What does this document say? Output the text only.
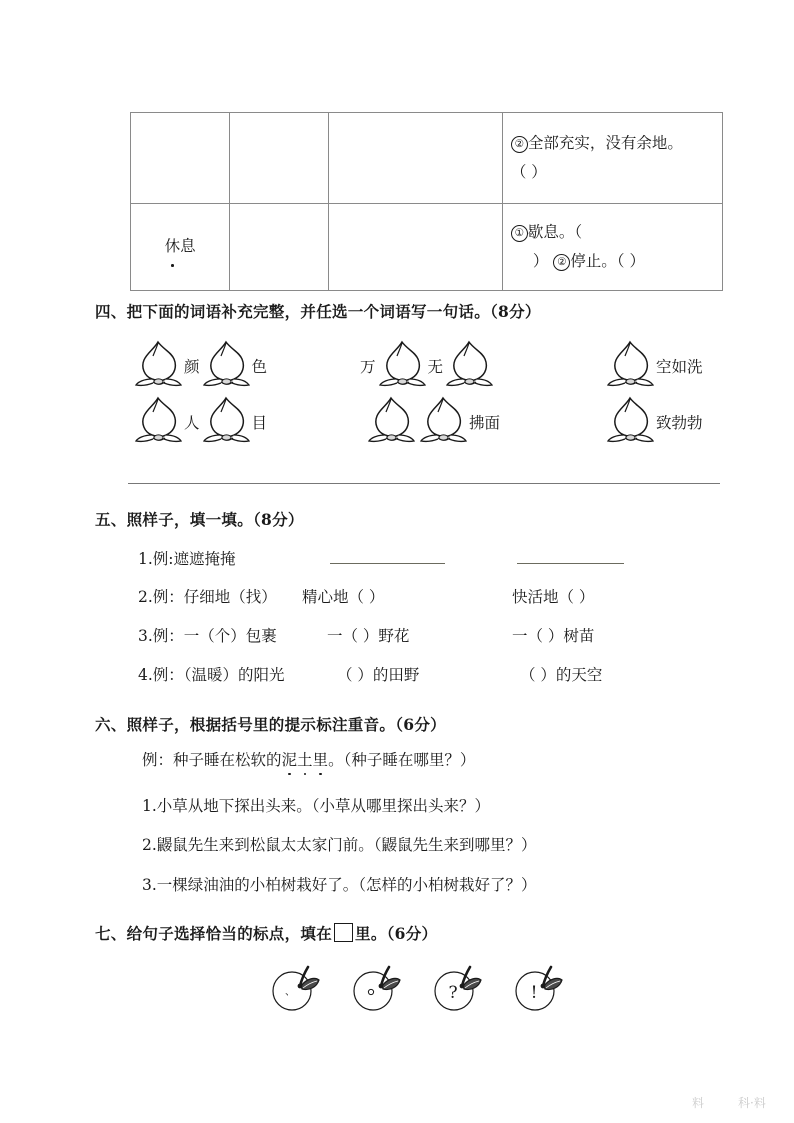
			② 全部充实，没有余地。
（ ）

休息			① 歇息。（
） ② 停止。（ ）
四、把下面的词语补充完整，并任选一个词语写一句话。（8分）
颜	色	万	无	空如洗
人	目	拂面	致勃勃
五、照样子，填一填。（8分）
1.例:遮遮掩掩
2.例：仔细地（找） 精心地（ ）	快活地（ ）
3.例：一（个）包裹	一（ ）野花	一（ ）树苗
4.例：（温暖）的阳光	（ ）的田野	（ ）的天空
六、照样子，根据括号里的提示标注重音。（6分）
例：种子睡在松软的泥土里。（种子睡在哪里？）
1.小草从地下探出头来。（小草从哪里探出头来？）
2.鼹鼠先生来到松鼠太太家门前。（鼹鼠先生来到哪里？）
3.一棵绿油油的小柏树栽好了。（怎样的小柏树栽好了？）
七、给句子选择恰当的标点，填在 里。（6分）
、	?	!
料	科·料
